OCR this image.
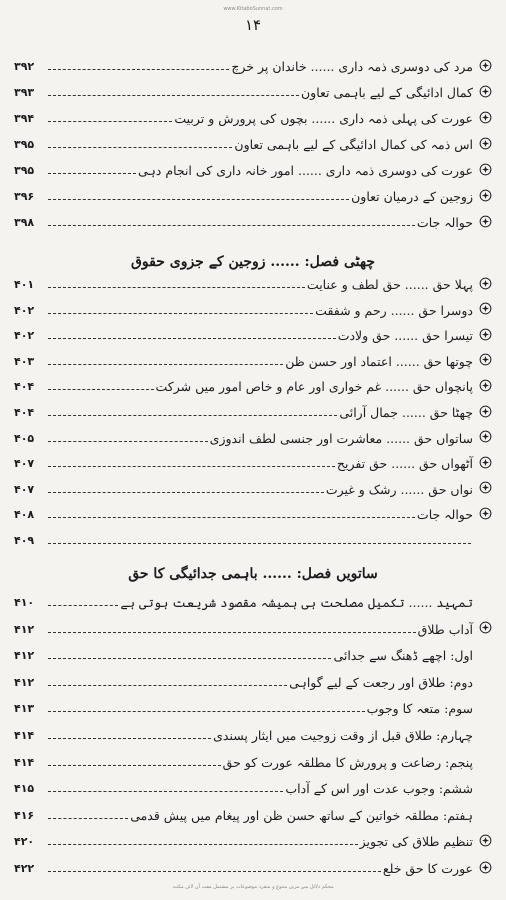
www.KitaboSunnat.com
۱۴
۳۹۲	مرد کی دوسری ذمہ داری ...... خاندان پر خرچ
۳۹۳	کمال ادائیگی کے لیے باہمی تعاون
۳۹۴	عورت کی پہلی ذمہ داری ...... بچوں کی پرورش و تربیت
۳۹۵	اس ذمہ کی کمال ادائیگی کے لیے باہمی تعاون
۳۹۵	عورت کی دوسری ذمہ داری ...... امور خانہ داری کی انجام دہی
۳۹۶	زوجین کے درمیان تعاون
۳۹۸	حوالہ جات
۴۰۱	پہلا حق ...... حق لطف و عنایت
۴۰۲	دوسرا حق ...... رحم و شفقت
۴۰۲	تیسرا حق ...... حق ولادت
۴۰۳	چوتھا حق ...... اعتماد اور حسن ظن
۴۰۴	پانچواں حق ...... غم خواری اور عام و خاص امور میں شرکت
۴۰۴	چھٹا حق ...... جمال آرائی
۴۰۵	ساتواں حق ...... معاشرت اور جنسی لطف اندوزی
۴۰۷	آٹھواں حق ...... حق تفریح
۴۰۷	نواں حق ...... رشک و غیرت
۴۰۸	حوالہ جات
۴۰۹
۴۱۰	تمہید ...... تکمیل مصلحت ہی ہمیشہ مقصود شریعت ہوتی ہے
۴۱۲	آداب طلاق
۴۱۲	اول: اچھے ڈھنگ سے جدائی
۴۱۲	دوم: طلاق اور رجعت کے لیے گواہی
۴۱۳	سوم: متعہ کا وجوب
۴۱۴	چہارم: طلاق قبل از وقت زوجیت میں ایثار پسندی
۴۱۴	پنجم: رضاعت و پرورش کا مطلقہ عورت کو حق
۴۱۵	ششم: وجوب عدت اور اس کے آداب
۴۱۶	ہفتم: مطلقہ خواتین کے ساتھ حسن ظن اور پیغام میں پیش قدمی
۴۲۰	تنظیم طلاق کی تجویز
۴۲۲	عورت کا حق خلع
چھٹی فصل: ...... زوجین کے جزوی حقوق
ساتویں فصل: ...... باہمی جدائیگی کا حق
محکم دلائل سے مزین متنوع و منفرد موضوعات پر مشتمل مفت آن لائن مکتبہ
